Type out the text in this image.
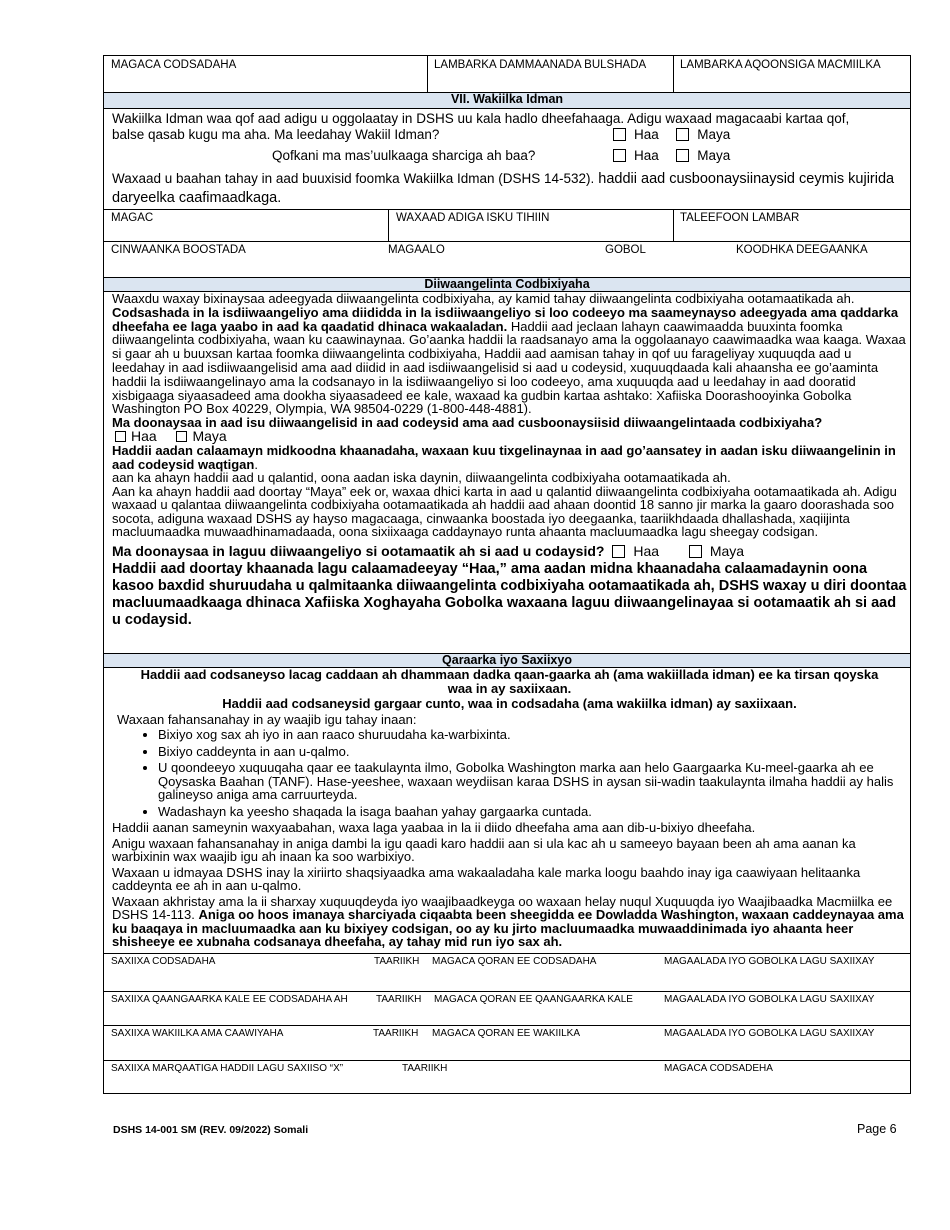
MAGACA CODSADAHA	LAMBARKA DAMMAANADA BULSHADA	LAMBARKA AQOONSIGA MACMIILKA
VII. Wakiilka Idman
Wakiilka Idman waa qof aad adigu u oggolaatay in DSHS uu kala hadlo dheefahaaga. Adigu waxaad magacaabi kartaa qof,
balse qasab kugu ma aha. Ma leedahay Wakiil Idman?	Haa	Maya
Qofkani ma mas’uulkaaga sharciga ah baa?	Haa	Maya
Waxaad u baahan tahay in aad buuxisid foomka Wakiilka Idman (DSHS 14-532). haddii aad cusboonaysiinaysid ceymis kujirida daryeelka caafimaadkaga.
MAGAC	WAXAAD ADIGA ISKU TIHIIN	TALEEFOON LAMBAR
CINWAANKA BOOSTADA	MAGAALO	GOBOL	KOODHKA DEEGAANKA
Diiwaangelinta Codbixiyaha

Waaxdu waxay bixinaysaa adeegyada diiwaangelinta codbixiyaha, ay kamid tahay diiwaangelinta codbixiyaha ootamaatikada ah. Codsashada in la isdiiwaangeliyo ama diididda in la isdiiwaangeliyo si loo codeeyo ma saameynayso adeegyada ama qaddarka dheefaha ee laga yaabo in aad ka qaadatid dhinaca wakaaladan. Haddii aad jeclaan lahayn caawimaadda buuxinta foomka diiwaangelinta codbixiyaha, waan ku caawinaynaa. Go’aanka haddii la raadsanayo ama la oggolaanayo caawimaadka waa kaaga. Waxaa si gaar ah u buuxsan kartaa foomka diiwaangelinta codbixiyaha, Haddii aad aamisan tahay in qof uu farageliyay xuquuqda aad u leedahay in aad isdiiwaangelisid ama aad diidid in aad isdiiwaangelisid si aad u codeysid, xuquuqdaada kali ahaansha ee go’aaminta haddii la isdiiwaangelinayo ama la codsanayo in la isdiiwaangeliyo si loo codeeyo, ama xuquuqda aad u leedahay in aad dooratid xisbigaaga siyaasadeed ama dookha siyaasadeed ee kale, waxaad ka gudbin kartaa ashtako: Xafiiska Doorashooyinka Gobolka Washington PO Box 40229, Olympia, WA 98504-0229 (1-800-448-4881).

Ma doonaysaa in aad isu diiwaangelisid in aad codeysid ama aad cusboonaysiisid diiwaangelintaada codbixiyaha?

Haa	Maya

Haddii aadan calaamayn midkoodna khaanadaha, waxaan kuu tixgelinaynaa in aad go’aansatey in aadan isku diiwaangelinin in aad codeysid waqtigan.

aan ka ahayn haddii aad u qalantid, oona aadan iska daynin, diiwaangelinta codbixiyaha ootamaatikada ah.

Aan ka ahayn haddii aad doortay “Maya” eek or, waxaa dhici karta in aad u qalantid diiwaangelinta codbixiyaha ootamaatikada ah. Adigu waxaad u qalantaa diiwaangelinta codbixiyaha ootamaatikada ah haddii aad ahaan doontid 18 sanno jir marka la gaaro doorashada soo socota, adiguna waxaad DSHS ay hayso magacaaga, cinwaanka boostada iyo deegaanka, taariikhdaada dhallashada, xaqiijinta macluumaadka muwaadhinamadaada, oona sixiixaaga caddaynayo runta ahaanta macluumaadka lagu sheegay codsigan.

Ma doonaysaa in laguu diiwaangeliyo si ootamaatik ah si aad u codaysid? Haa	Maya

Haddii aad doortay khaanada lagu calaamadeeyay “Haa,” ama aadan midna khaanadaha calaamadaynin oona kasoo baxdid shuruudaha u qalmitaanka diiwaangelinta codbixiyaha ootamaatikada ah, DSHS waxay u diri doontaa macluumaadkaaga dhinaca Xafiiska Xoghayaha Gobolka waxaana laguu diiwaangelinayaa si ootamaatik ah si aad u codaysid.

Qaraarka iyo Saxiixyo

Haddii aad codsaneyso lacag caddaan ah dhammaan dadka qaan-gaarka ah (ama wakiillada idman) ee ka tirsan qoyska waa in ay saxiixaan.

Haddii aad codsaneysid gargaar cunto, waa in codsadaha (ama wakiilka idman) ay saxiixaan.

Waxaan fahansanahay in ay waajib igu tahay inaan:

• Bixiyo xog sax ah iyo in aan raaco shuruudaha ka-warbixinta.
• Bixiyo caddeynta in aan u-qalmo.
• U qoondeeyo xuquuqaha qaar ee taakulaynta ilmo, Gobolka Washington marka aan helo Gaargaarka Ku-meel-gaarka ah ee Qoysaska Baahan (TANF). Hase-yeeshee, waxaan weydiisan karaa DSHS in aysan sii-wadin taakulaynta ilmaha haddii ay halis galineyso aniga ama carruurteyda.
• Wadashayn ka yeesho shaqada la isaga baahan yahay gargaarka cuntada.

Haddii aanan sameynin waxyaabahan, waxa laga yaabaa in la ii diido dheefaha ama aan dib-u-bixiyo dheefaha.

Anigu waxaan fahansanahay in aniga dambi la igu qaadi karo haddii aan si ula kac ah u sameeyo bayaan been ah ama aanan ka warbixinin wax waajib igu ah inaan ka soo warbixiyo.

Waxaan u idmayaa DSHS inay la xiriirto shaqsiyaadka ama wakaaladaha kale marka loogu baahdo inay iga caawiyaan helitaanka caddeynta ee ah in aan u-qalmo.

Waxaan akhristay ama la ii sharxay xuquuqdeyda iyo waajibaadkeyga oo waxaan helay nuqul Xuquuqda iyo Waajibaadka Macmiilka ee DSHS 14-113. Aniga oo hoos imanaya sharciyada ciqaabta been sheegidda ee Dowladda Washington, waxaan caddeynayaa ama ku baaqaya in macluumaadka aan ku bixiyey codsigan, oo ay ku jirto macluumaadka muwaaddinimada iyo ahaanta heer shisheeye ee xubnaha codsanaya dheefaha, ay tahay mid run iyo sax ah.

SAXIIXA CODSADAHA	TAARIIKH MAGACA QORAN EE CODSADAHA	MAGAALADA IYO GOBOLKA LAGU SAXIIXAY
SAXIIXA QAANGAARKA KALE EE CODSADAHA AH	TAARIIKH MAGACA QORAN EE QAANGAARKA KALE	MAGAALADA IYO GOBOLKA LAGU SAXIIXAY
SAXIIXA WAKIILKA AMA CAAWIYAHA	TAARIIKH MAGACA QORAN EE WAKIILKA	MAGAALADA IYO GOBOLKA LAGU SAXIIXAY
SAXIIXA MARQAATIGA HADDII LAGU SAXIISO “X”	TAARIIKH	MAGACA CODSADEHA
DSHS 14-001 SM (REV. 09/2022) Somali	Page 6
